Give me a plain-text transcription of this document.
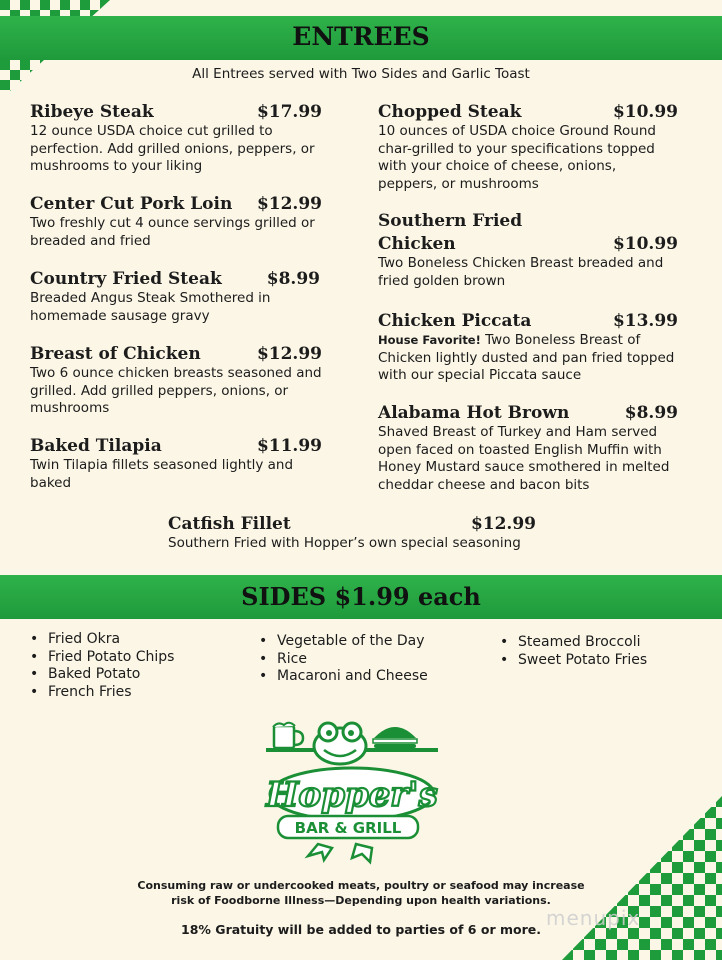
ENTREES
All Entrees served with Two Sides and Garlic Toast
Ribeye Steak	$17.99
12 ounce USDA choice cut grilled to perfection. Add grilled onions, peppers, or mushrooms to your liking
Center Cut Pork Loin $12.99
Two freshly cut 4 ounce servings grilled or breaded and fried
Country Fried Steak	$8.99
Breaded Angus Steak Smothered in homemade sausage gravy
Breast of Chicken	$12.99
Two 6 ounce chicken breasts seasoned and grilled. Add grilled peppers, onions, or mushrooms
Baked Tilapia	$11.99
Twin Tilapia fillets seasoned lightly and baked
Chopped Steak	$10.99
10 ounces of USDA choice Ground Round char-grilled to your specifications topped with your choice of cheese, onions, peppers, or mushrooms
Southern Fried
Chicken	$10.99
Two Boneless Chicken Breast breaded and fried golden brown
Chicken Piccata	$13.99
House Favorite! Two Boneless Breast of Chicken lightly dusted and pan fried topped with our special Piccata sauce
Alabama Hot Brown	$8.99
Shaved Breast of Turkey and Ham served open faced on toasted English Muffin with Honey Mustard sauce smothered in melted cheddar cheese and bacon bits
Catfish Fillet	$12.99
Southern Fried with Hopper’s own special seasoning
SIDES $1.99 each
• Fried Okra
• Fried Potato Chips
• Baked Potato
• French Fries
• Vegetable of the Day
• Rice
• Macaroni and Cheese
• Steamed Broccoli
• Sweet Potato Fries
Hopper's
BAR & GRILL
Consuming raw or undercooked meats, poultry or seafood may increase
risk of Foodborne Illness—Depending upon health variations.
18% Gratuity will be added to parties of 6 or more. menupix
